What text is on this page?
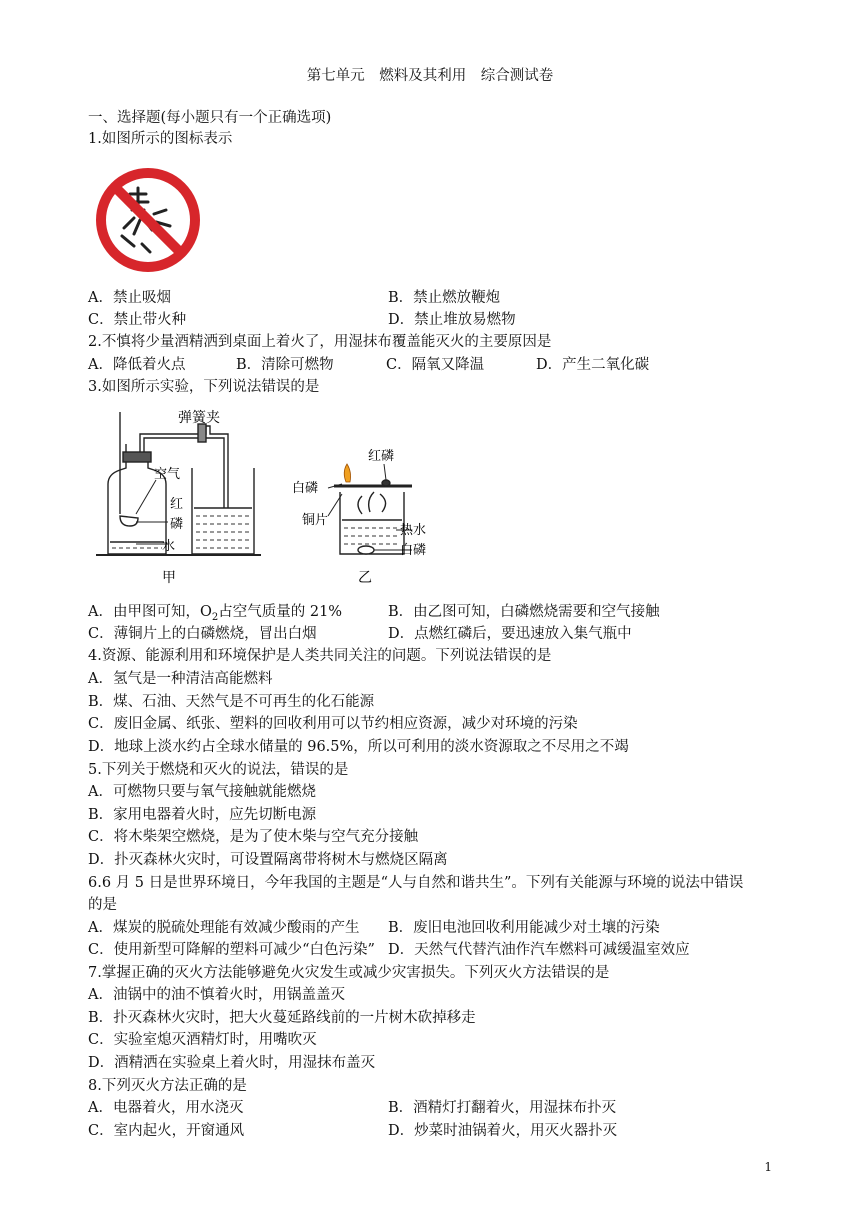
第七单元　燃料及其利用　综合测试卷
一、选择题(每小题只有一个正确选项)
1.如图所示的图标表示
A．禁止吸烟	B．禁止燃放鞭炮
C．禁止带火种	D．禁止堆放易燃物
2.不慎将少量酒精洒到桌面上着火了，用湿抹布覆盖能灭火的主要原因是
A．降低着火点	B．清除可燃物	C．隔氧又降温	D．产生二氧化碳
3.如图所示实验，下列说法错误的是
弹簧夹
空气
红
磷
水
甲
红磷
白磷
铜片
热水
白磷
乙
A．由甲图可知，$O_2$占空气质量的 21%	B．由乙图可知，白磷燃烧需要和空气接触
C．薄铜片上的白磷燃烧，冒出白烟	D．点燃红磷后，要迅速放入集气瓶中
4.资源、能源利用和环境保护是人类共同关注的问题。下列说法错误的是
A．氢气是一种清洁高能燃料
B．煤、石油、天然气是不可再生的化石能源
C．废旧金属、纸张、塑料的回收利用可以节约相应资源，减少对环境的污染
D．地球上淡水约占全球水储量的 96.5%，所以可利用的淡水资源取之不尽用之不竭
5.下列关于燃烧和灭火的说法，错误的是
A．可燃物只要与氧气接触就能燃烧
B．家用电器着火时，应先切断电源
C．将木柴架空燃烧，是为了使木柴与空气充分接触
D．扑灭森林火灾时，可设置隔离带将树木与燃烧区隔离
6.6 月 5 日是世界环境日，今年我国的主题是“人与自然和谐共生”。下列有关能源与环境的说法中错误
的是
A．煤炭的脱硫处理能有效减少酸雨的产生 B．废旧电池回收利用能减少对土壤的污染
C．使用新型可降解的塑料可减少“白色污染” D．天然气代替汽油作汽车燃料可减缓温室效应
7.掌握正确的灭火方法能够避免火灾发生或减少灾害损失。下列灭火方法错误的是
A．油锅中的油不慎着火时，用锅盖盖灭
B．扑灭森林火灾时，把大火蔓延路线前的一片树木砍掉移走
C．实验室熄灭酒精灯时，用嘴吹灭
D．酒精洒在实验桌上着火时，用湿抹布盖灭
8.下列灭火方法正确的是
A．电器着火，用水浇灭	B．酒精灯打翻着火，用湿抹布扑灭
C．室内起火，开窗通风	D．炒菜时油锅着火，用灭火器扑灭
1
